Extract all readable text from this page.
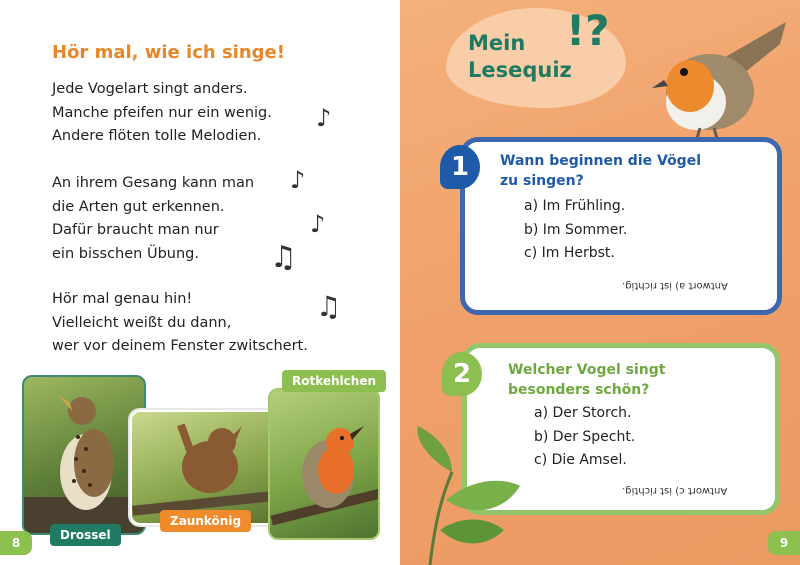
Hör mal, wie ich singe!
Jede Vogelart singt anders.
Manche pfeifen nur ein wenig.
Andere flöten tolle Melodien.
An ihrem Gesang kann man
die Arten gut erkennen.
Dafür braucht man nur
ein bisschen Übung.
Hör mal genau hin!
Vielleicht weißt du dann,
wer vor deinem Fenster zwitschert.
♪
♪
♪
♫
♫
Drossel
Zaunkönig
Rotkehlchen
8
Mein
Lesequiz
!?
1	Wann beginnen die Vögel
zu singen?
a) Im Frühling.
b) Im Sommer.
c) Im Herbst.
Antwort a) ist richtig.
2	Welcher Vogel singt
besonders schön?
a) Der Storch.
b) Der Specht.
c) Die Amsel.
Antwort c) ist richtig.
9
